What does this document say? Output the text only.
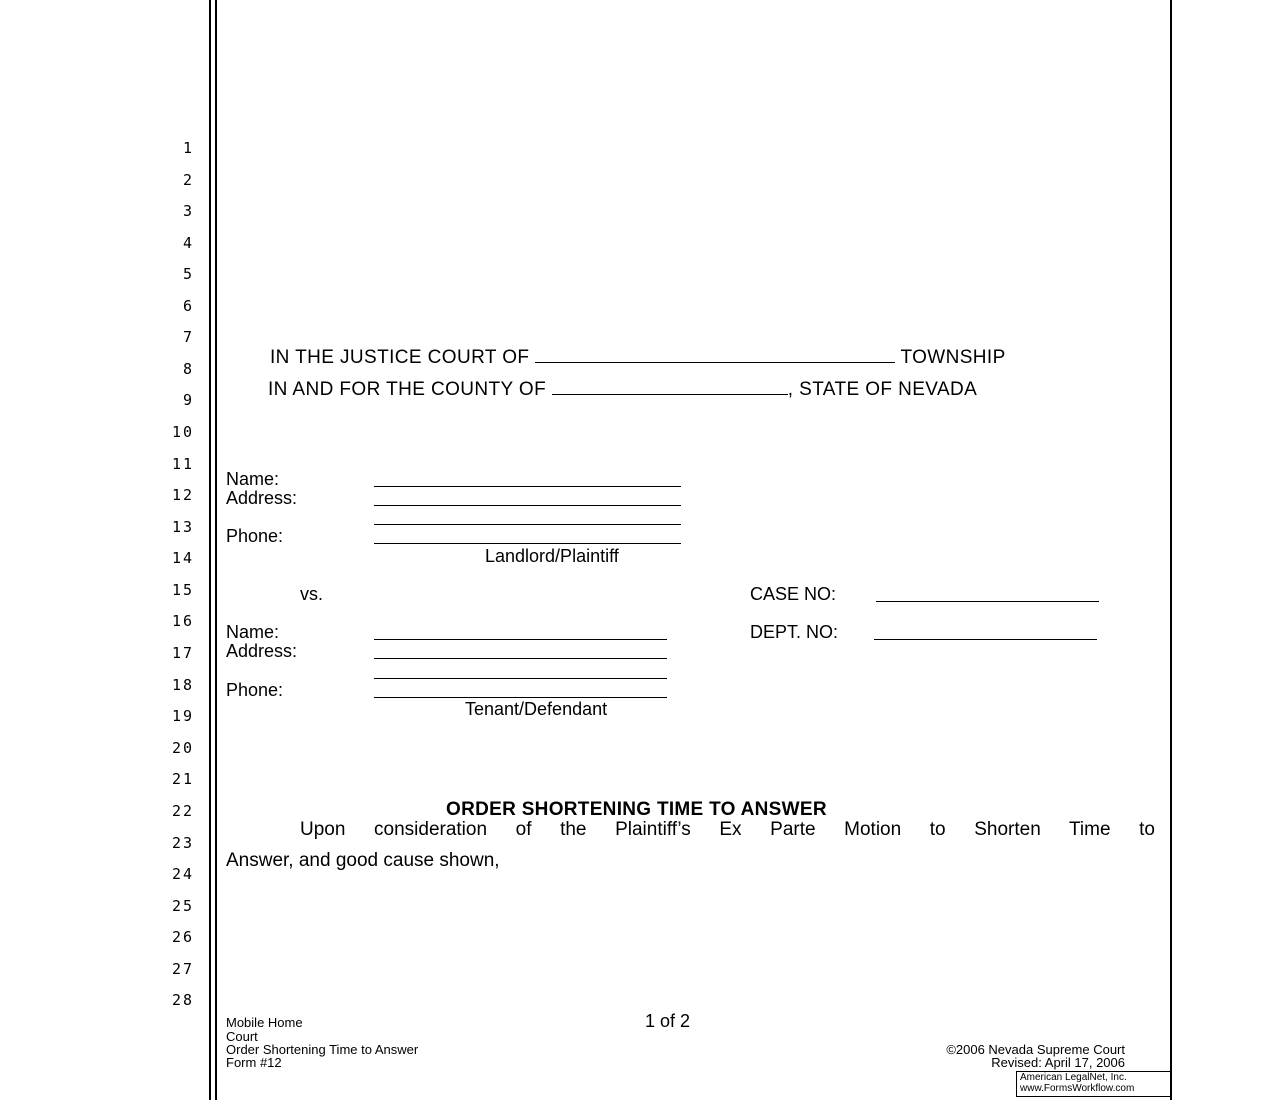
1
2
3
4
5
6
7
8
9
10
11
12
13
14
15
16
17
18
19
20
21
22
23
24
25
26
27
28
IN THE JUSTICE COURT OF	TOWNSHIP
IN AND FOR THE COUNTY OF	, STATE OF NEVADA
Name:
Address:
Phone:
Landlord/Plaintiff
vs.	CASE NO:
DEPT. NO:
Name:
Address:
Phone:
Tenant/Defendant
ORDER SHORTENING TIME TO ANSWER
Upon consideration of the Plaintiff’s Ex Parte Motion to Shorten Time to
Answer, and good cause shown,
Mobile Home
Court
Order Shortening Time to Answer
Form #12
1 of 2
©2006 Nevada Supreme Court
Revised: April 17, 2006
American LegalNet, Inc.
www.FormsWorkflow.com
